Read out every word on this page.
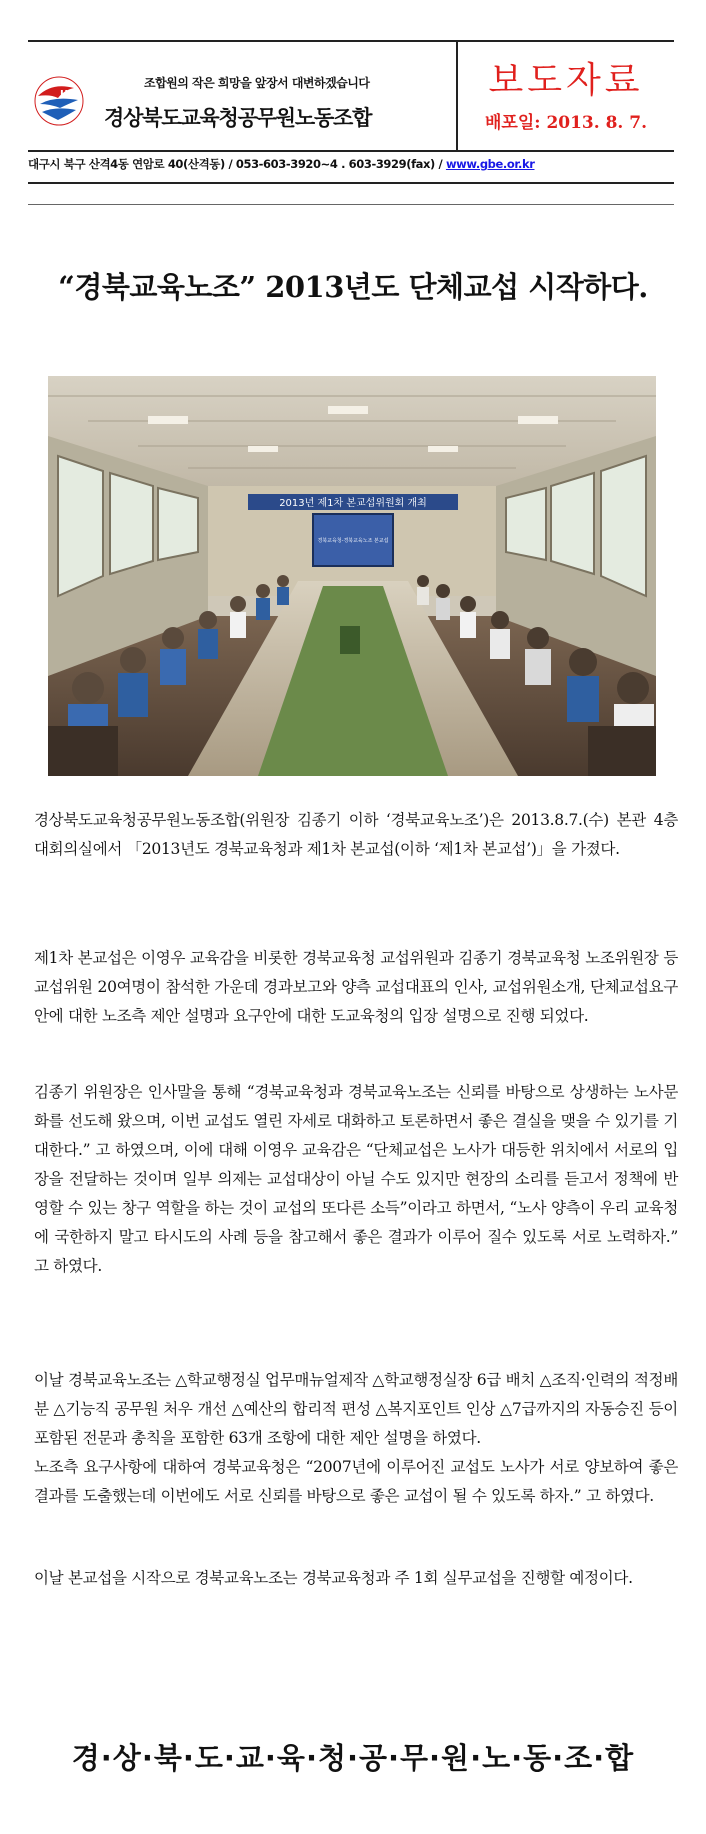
U
조합원의 작은 희망을 앞장서 대변하겠습니다
경상북도교육청공무원노동조합
보도자료
배포일: 2013. 8. 7.
대구시 북구 산격4동 연암로 40(산격동) / 053-603-3920~4 . 603-3929(fax) / www.gbe.or.kr
“경북교육노조” 2013년도 단체교섭 시작하다.
2013년 제1차 본교섭위원회 개최
경북교육청-경북교육노조 본교섭

경상북도교육청공무원노동조합(위원장 김종기 이하 ‘경북교육노조’)은 2013.8.7.(수) 본관 4층 대회의실에서 「2013년도 경북교육청과 제1차 본교섭(이하 ‘제1차 본교섭’)」을 가졌다.

제1차 본교섭은 이영우 교육감을 비롯한 경북교육청 교섭위원과 김종기 경북교육청 노조위원장 등 교섭위원 20여명이 참석한 가운데 경과보고와 양측 교섭대표의 인사, 교섭위원소개, 단체교섭요구안에 대한 노조측 제안 설명과 요구안에 대한 도교육청의 입장 설명으로 진행 되었다.

김종기 위원장은 인사말을 통해 “경북교육청과 경북교육노조는 신뢰를 바탕으로 상생하는 노사문화를 선도해 왔으며, 이번 교섭도 열린 자세로 대화하고 토론하면서 좋은 결실을 맺을 수 있기를 기대한다.” 고 하였으며, 이에 대해 이영우 교육감은 “단체교섭은 노사가 대등한 위치에서 서로의 입장을 전달하는 것이며 일부 의제는 교섭대상이 아닐 수도 있지만 현장의 소리를 듣고서 정책에 반영할 수 있는 창구 역할을 하는 것이 교섭의 또다른 소득”이라고 하면서, “노사 양측이 우리 교육청에 국한하지 말고 타시도의 사례 등을 참고해서 좋은 결과가 이루어 질수 있도록 서로 노력하자.” 고 하였다.

이날 경북교육노조는 △학교행정실 업무매뉴얼제작 △학교행정실장 6급 배치 △조직·인력의 적정배분 △기능직 공무원 처우 개선 △예산의 합리적 편성 △복지포인트 인상 △7급까지의 자동승진 등이 포함된 전문과 총칙을 포함한 63개 조항에 대한 제안 설명을 하였다.
노조측 요구사항에 대하여 경북교육청은 “2007년에 이루어진 교섭도 노사가 서로 양보하여 좋은 결과를 도출했는데 이번에도 서로 신뢰를 바탕으로 좋은 교섭이 될 수 있도록 하자.” 고 하였다.

이날 본교섭을 시작으로 경북교육노조는 경북교육청과 주 1회 실무교섭을 진행할 예정이다.

경·상·북·도·교·육·청·공·무·원·노·동·조·합
